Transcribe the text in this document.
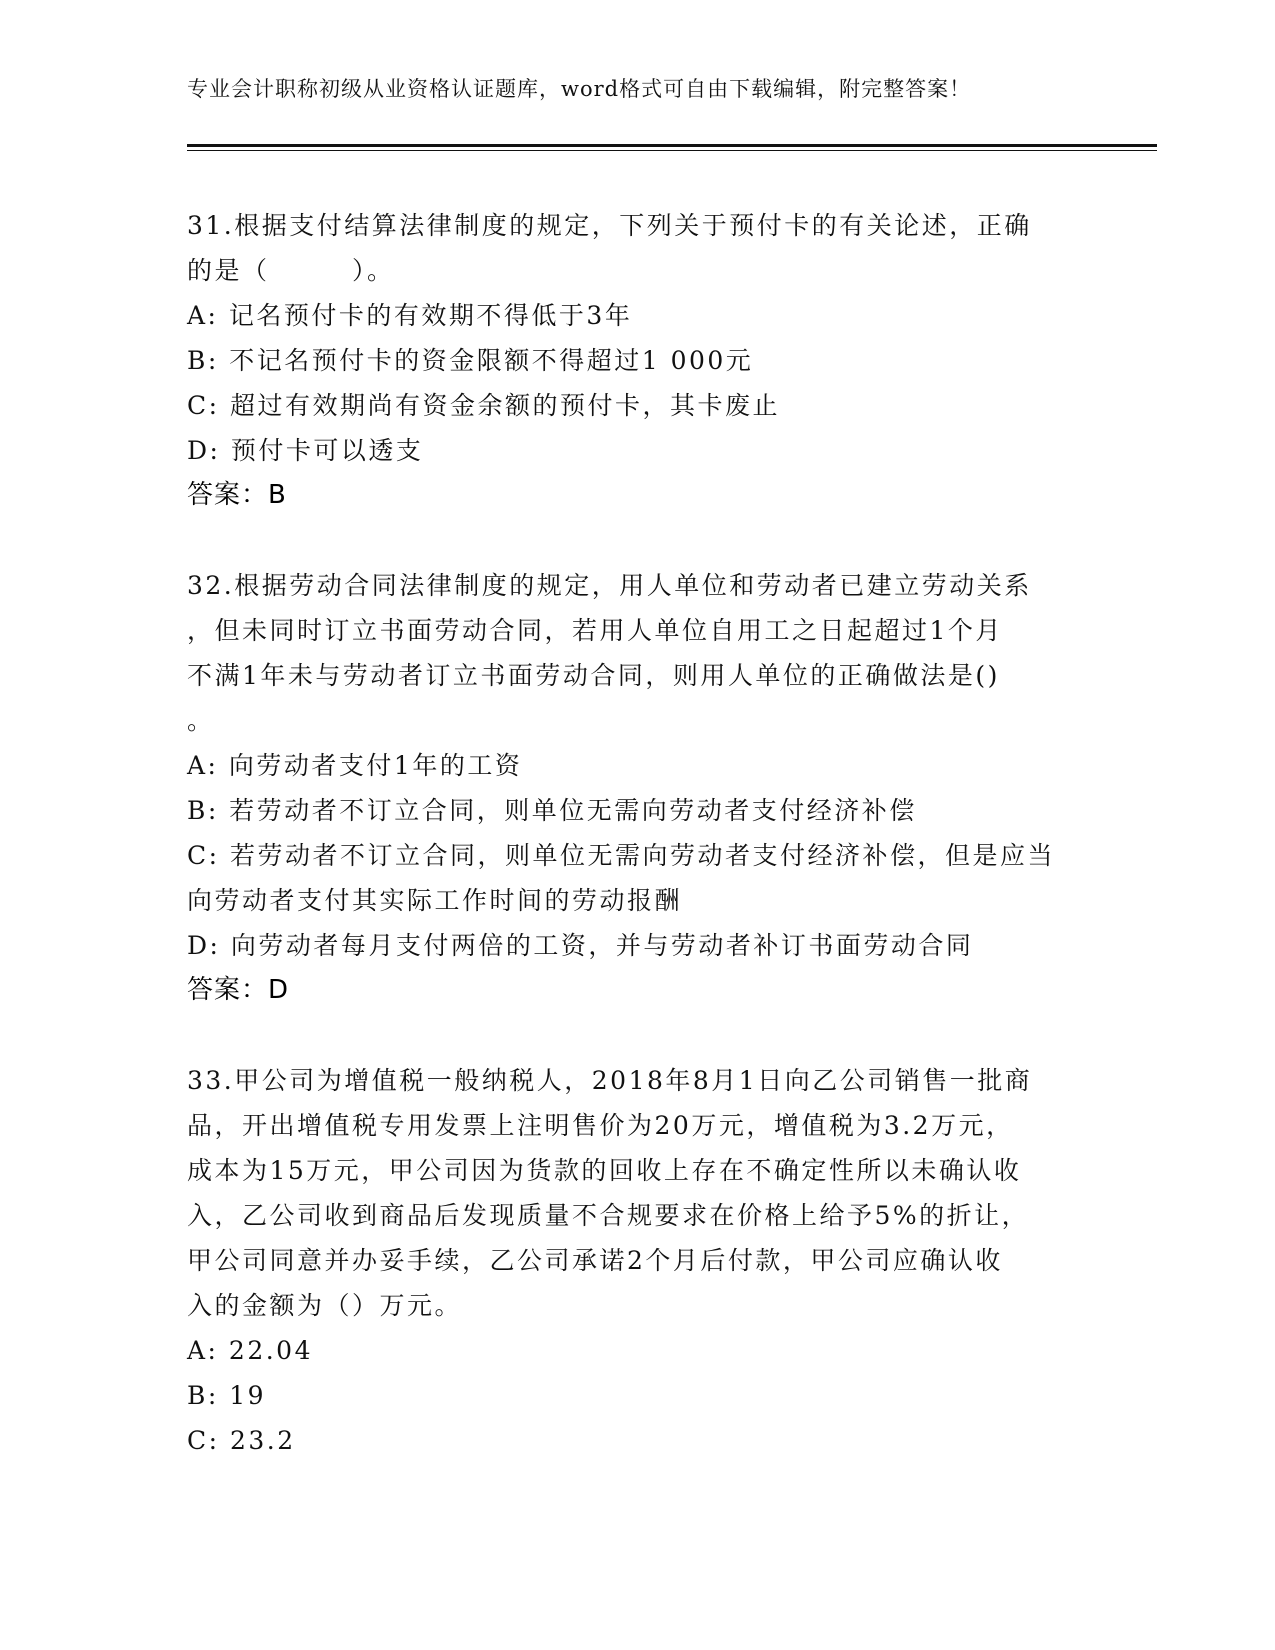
专业会计职称初级从业资格认证题库，word格式可自由下载编辑，附完整答案！
31.根据支付结算法律制度的规定，下列关于预付卡的有关论述，正确
的是（　　　）。
A: 记名预付卡的有效期不得低于3年
B: 不记名预付卡的资金限额不得超过1 000元
C: 超过有效期尚有资金余额的预付卡，其卡废止
D: 预付卡可以透支
答案：B
32.根据劳动合同法律制度的规定，用人单位和劳动者已建立劳动关系
，但未同时订立书面劳动合同，若用人单位自用工之日起超过1个月
不满1年未与劳动者订立书面劳动合同，则用人单位的正确做法是()
。
A: 向劳动者支付1年的工资
B: 若劳动者不订立合同，则单位无需向劳动者支付经济补偿
C: 若劳动者不订立合同，则单位无需向劳动者支付经济补偿，但是应当向劳动者支付其实际工作时间的劳动报酬
D: 向劳动者每月支付两倍的工资，并与劳动者补订书面劳动合同
答案：D
33.甲公司为增值税一般纳税人，2018年8月1日向乙公司销售一批商
品，开出增值税专用发票上注明售价为20万元，增值税为3.2万元，
成本为15万元，甲公司因为货款的回收上存在不确定性所以未确认收
入，乙公司收到商品后发现质量不合规要求在价格上给予5%的折让，
甲公司同意并办妥手续，乙公司承诺2个月后付款，甲公司应确认收
入的金额为（）万元。
A: 22.04
B: 19
C: 23.2
